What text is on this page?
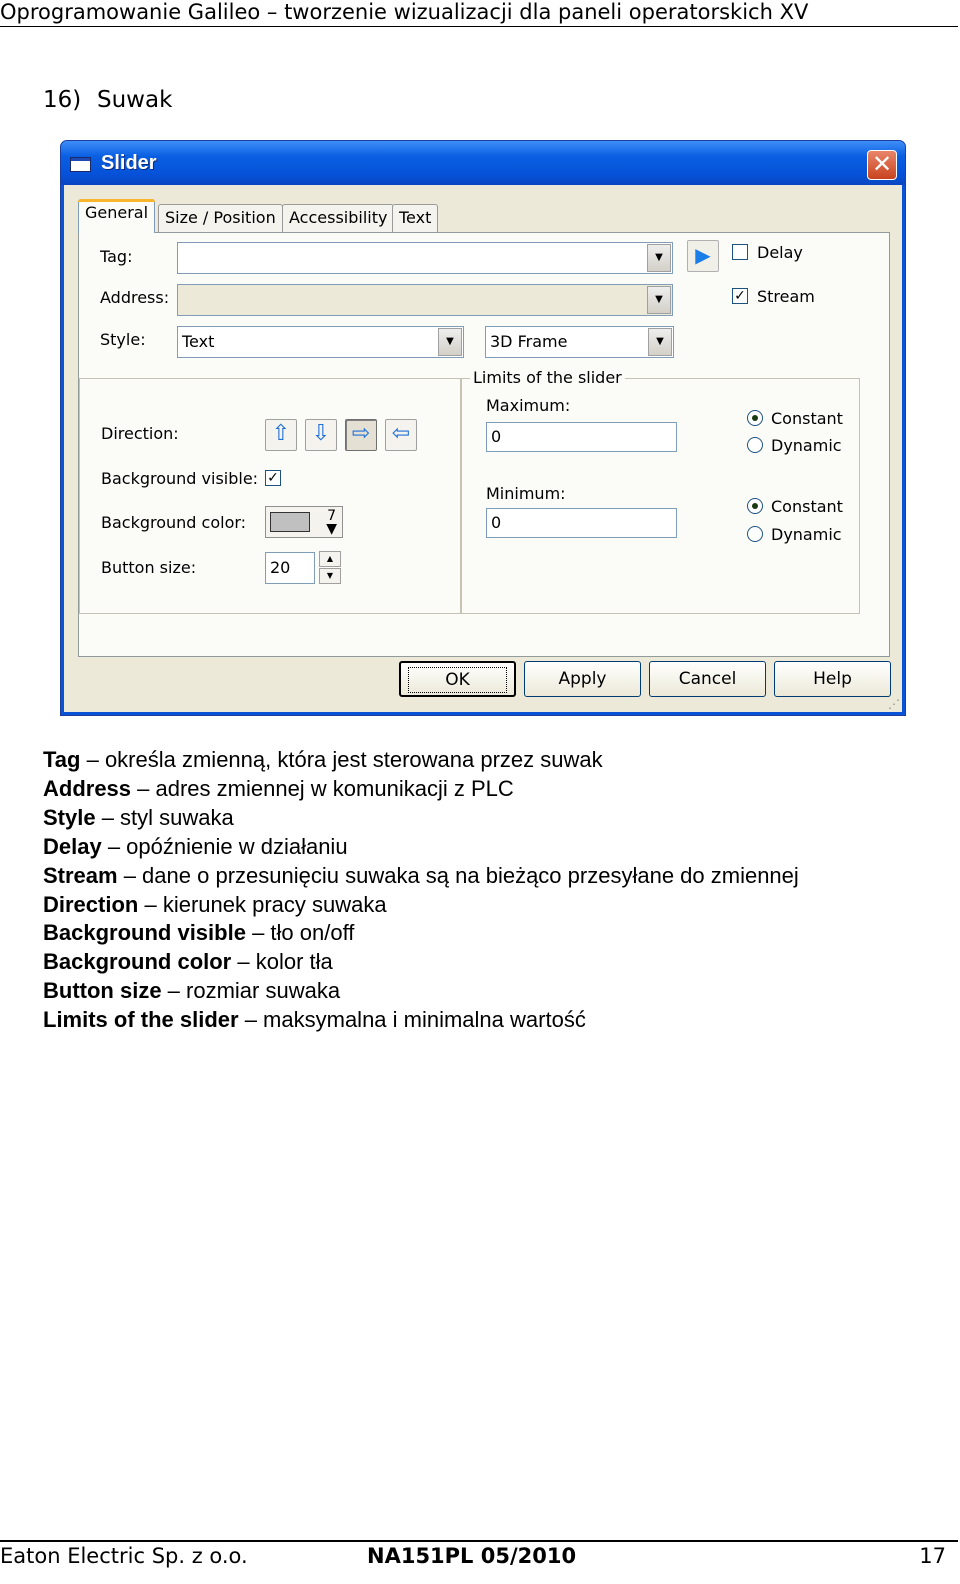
Oprogramowanie Galileo – tworzenie wizualizacji dla paneli operatorskich XV
16) Suwak
Slider	✕
General	Size / Position Accessibility Text
Tag:	▼	▶	Delay
Address:	▼	✓ Stream
Style:	Text	▼	3D Frame	▼
Direction:	⇧ ⇩ ⇨ ⇦
Background visible: ✓
Background color:	7
▼
Button size:	20	▲
▼
Limits of the slider
Maximum:
0
Constant
Dynamic
Minimum:
0
Constant
Dynamic
OK	Apply	Cancel	Help
⋰
Tag – określa zmienną, która jest sterowana przez suwak
Address – adres zmiennej w komunikacji z PLC
Style – styl suwaka
Delay – opóźnienie w działaniu
Stream – dane o przesunięciu suwaka są na bieżąco przesyłane do zmiennej
Direction – kierunek pracy suwaka
Background visible – tło on/off
Background color – kolor tła
Button size – rozmiar suwaka
Limits of the slider – maksymalna i minimalna wartość
Eaton Electric Sp. z o.o.	NA151PL 05/2010	17
